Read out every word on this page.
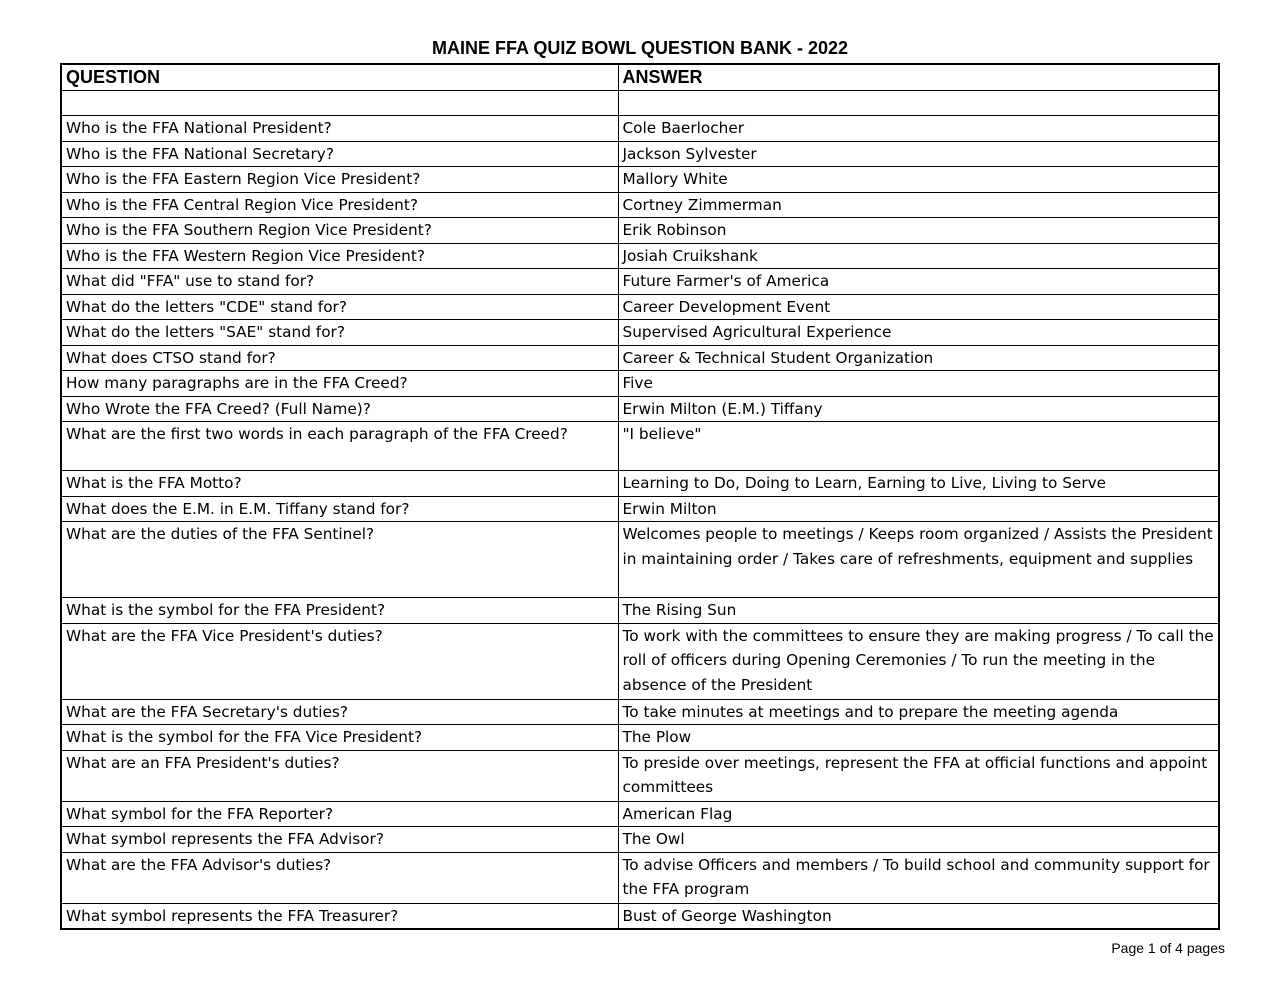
MAINE FFA QUIZ BOWL QUESTION BANK - 2022
QUESTION	ANSWER

Who is the FFA National President?	Cole Baerlocher
Who is the FFA National Secretary?	Jackson Sylvester
Who is the FFA Eastern Region Vice President?	Mallory White
Who is the FFA Central Region Vice President?	Cortney Zimmerman
Who is the FFA Southern Region Vice President?	Erik Robinson
Who is the FFA Western Region Vice President?	Josiah Cruikshank
What did "FFA" use to stand for?	Future Farmer's of America
What do the letters "CDE" stand for?	Career Development Event
What do the letters "SAE" stand for?	Supervised Agricultural Experience
What does CTSO stand for?	Career & Technical Student Organization
How many paragraphs are in the FFA Creed?	Five
Who Wrote the FFA Creed? (Full Name)?	Erwin Milton (E.M.) Tiffany
What are the first two words in each paragraph of the FFA Creed?	"I believe"
What is the FFA Motto?	Learning to Do, Doing to Learn, Earning to Live, Living to Serve
What does the E.M. in E.M. Tiffany stand for?	Erwin Milton
What are the duties of the FFA Sentinel?	Welcomes people to meetings / Keeps room organized / Assists the President in maintaining order / Takes care of refreshments, equipment and supplies
What is the symbol for the FFA President?	The Rising Sun
What are the FFA Vice President's duties?	To work with the committees to ensure they are making progress / To call the roll of officers during Opening Ceremonies / To run the meeting in the absence of the President
What are the FFA Secretary's duties?	To take minutes at meetings and to prepare the meeting agenda
What is the symbol for the FFA Vice President?	The Plow
What are an FFA President's duties?	To preside over meetings, represent the FFA at official functions and appoint committees
What symbol for the FFA Reporter?	American Flag
What symbol represents the FFA Advisor?	The Owl
What are the FFA Advisor's duties?	To advise Officers and members / To build school and community support for the FFA program
What symbol represents the FFA Treasurer?	Bust of George Washington
Page 1 of 4 pages
